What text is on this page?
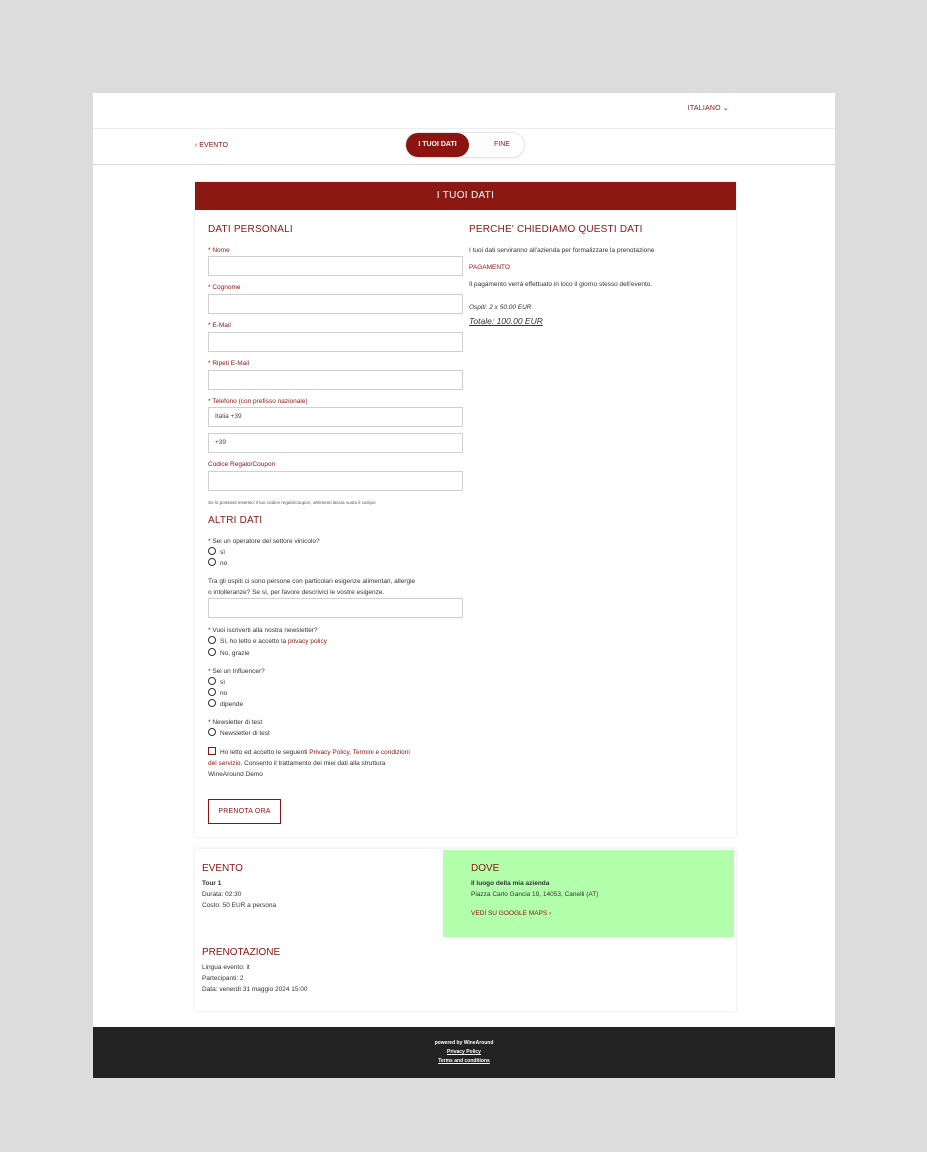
ITALIANO ⌄
‹ EVENTO	I TUOI DATI	FINE
I TUOI DATI
DATI PERSONALI
* Nome
* Cognome
* E-Mail
* Ripeti E-Mail
* Telefono (con prefisso nazionale)
Italia +39
+39
Codice Regalo/Coupon
Se lo possiedi inserisci il tuo codice regalo/coupon, altrimenti lascia vuoto il campo
ALTRI DATI
* Sei un operatore del settore vinicolo?
sì
no
Tra gli ospiti ci sono persone con particolari esigenze alimentari, allergie
o intolleranze? Se sì, per favore descrivici le vostre esigenze.
* Vuoi iscriverti alla nostra newsletter?
Sì, ho letto e accetto la privacy policy
No, grazie
* Sei un Influencer?
sì
no
dipende
* Newsletter di test
Newsletter di test
Ho letto ed accetto le seguenti Privacy Policy, Termini e condizioni
del servizio. Consento il trattamento dei miei dati alla struttura
WineAround Demo
PRENOTA ORA
PERCHE' CHIEDIAMO QUESTI DATI
I tuoi dati serviranno all'azienda per formalizzare la prenotazione
PAGAMENTO
Il pagamento verrà effettuato in loco il giorno stesso dell'evento.
Ospiti: 2 x 50.00 EUR
Totale: 100.00 EUR
EVENTO
Tour 1
Durata: 02:30
Costo: 50 EUR a persona
DOVE
Il luogo della mia azienda
Piazza Carlo Gancia 19, 14053, Canelli (AT)
VEDI SU GOOGLE MAPS ›
PRENOTAZIONE
Lingua evento: it
Partecipanti: 2
Data: venerdì 31 maggio 2024 15:00
powered by WineAround
Privacy Policy
Terms and conditions
